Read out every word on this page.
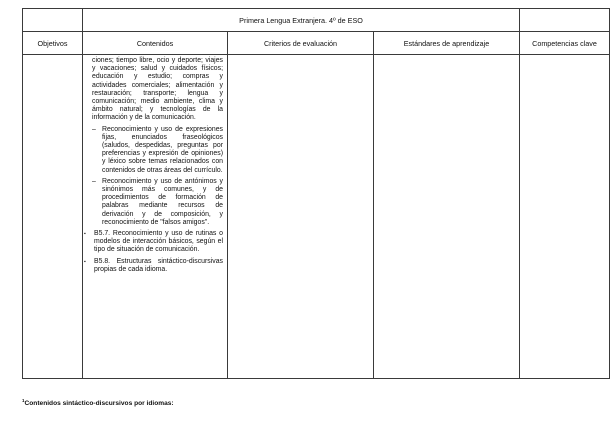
	Primera Lengua Extranjera. 4º de ESO			
Objetivos	Contenidos	Criterios de evaluación	Estándares de aprendizaje	Competencias clave

	ciones; tiempo libre, ocio y deporte; viajes y vacaciones; salud y cuidados físicos; educación y estudio; compras y actividades comerciales; alimentación y restauración; transporte; lengua y comunicación; medio ambiente, clima y ámbito natural; y tecnologías de la información y de la comunicación.

– Reconocimiento y uso de expresiones fijas, enunciados fraseológicos (saludos, despedidas, preguntas por preferencias y expresión de opiniones) y léxico sobre temas relacionados con contenidos de otras áreas del currículo.

– Reconocimiento y uso de antónimos y sinónimos más comunes, y de procedimientos de formación de palabras mediante recursos de derivación y de composición, y reconocimiento de "falsos amigos".

▪ B5.7. Reconocimiento y uso de rutinas o modelos de interacción básicos, según el tipo de situación de comunicación.

▪ B5.8. Estructuras sintáctico-discursivas propias de cada idioma.

$^1$Contenidos sintáctico-discursivos por idiomas:
